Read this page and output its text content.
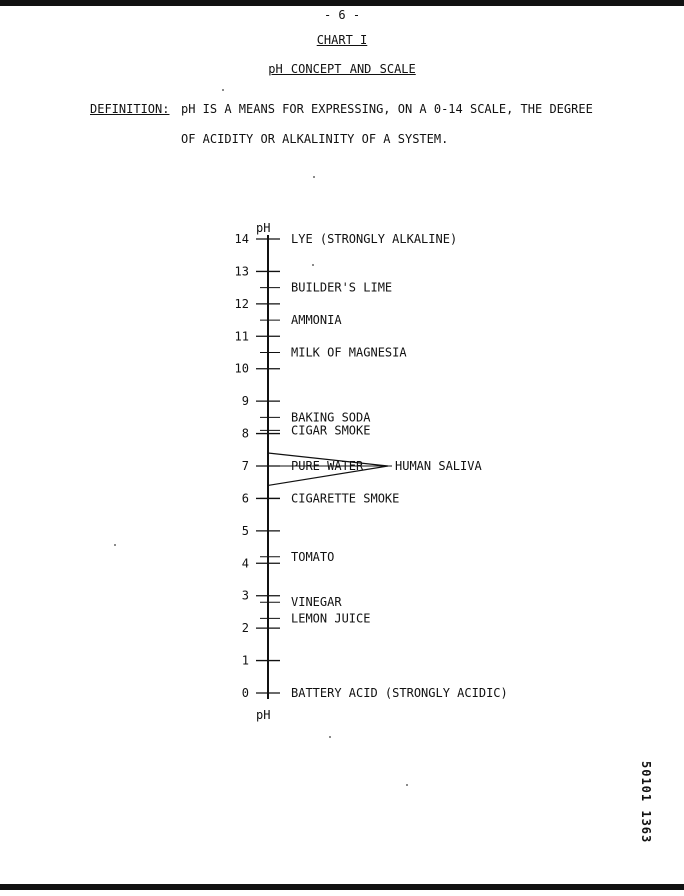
- 6 -
CHART I
pH CONCEPT AND SCALE
DEFINITION: pH IS A MEANS FOR EXPRESSING, ON A 0-14 SCALE, THE DEGREE
OF ACIDITY OR ALKALINITY OF A SYSTEM.
pH
pH
0
1
2
3
4
5
6
7
8
9
10
11
12
13
14	LYE (STRONGLY ALKALINE)
BUILDER'S LIME
AMMONIA
MILK OF MAGNESIA
BAKING SODA
CIGAR SMOKE
PURE WATER
CIGARETTE SMOKE
TOMATO
VINEGAR
LEMON JUICE
BATTERY ACID (STRONGLY ACIDIC)
HUMAN SALIVA
50101 1363
